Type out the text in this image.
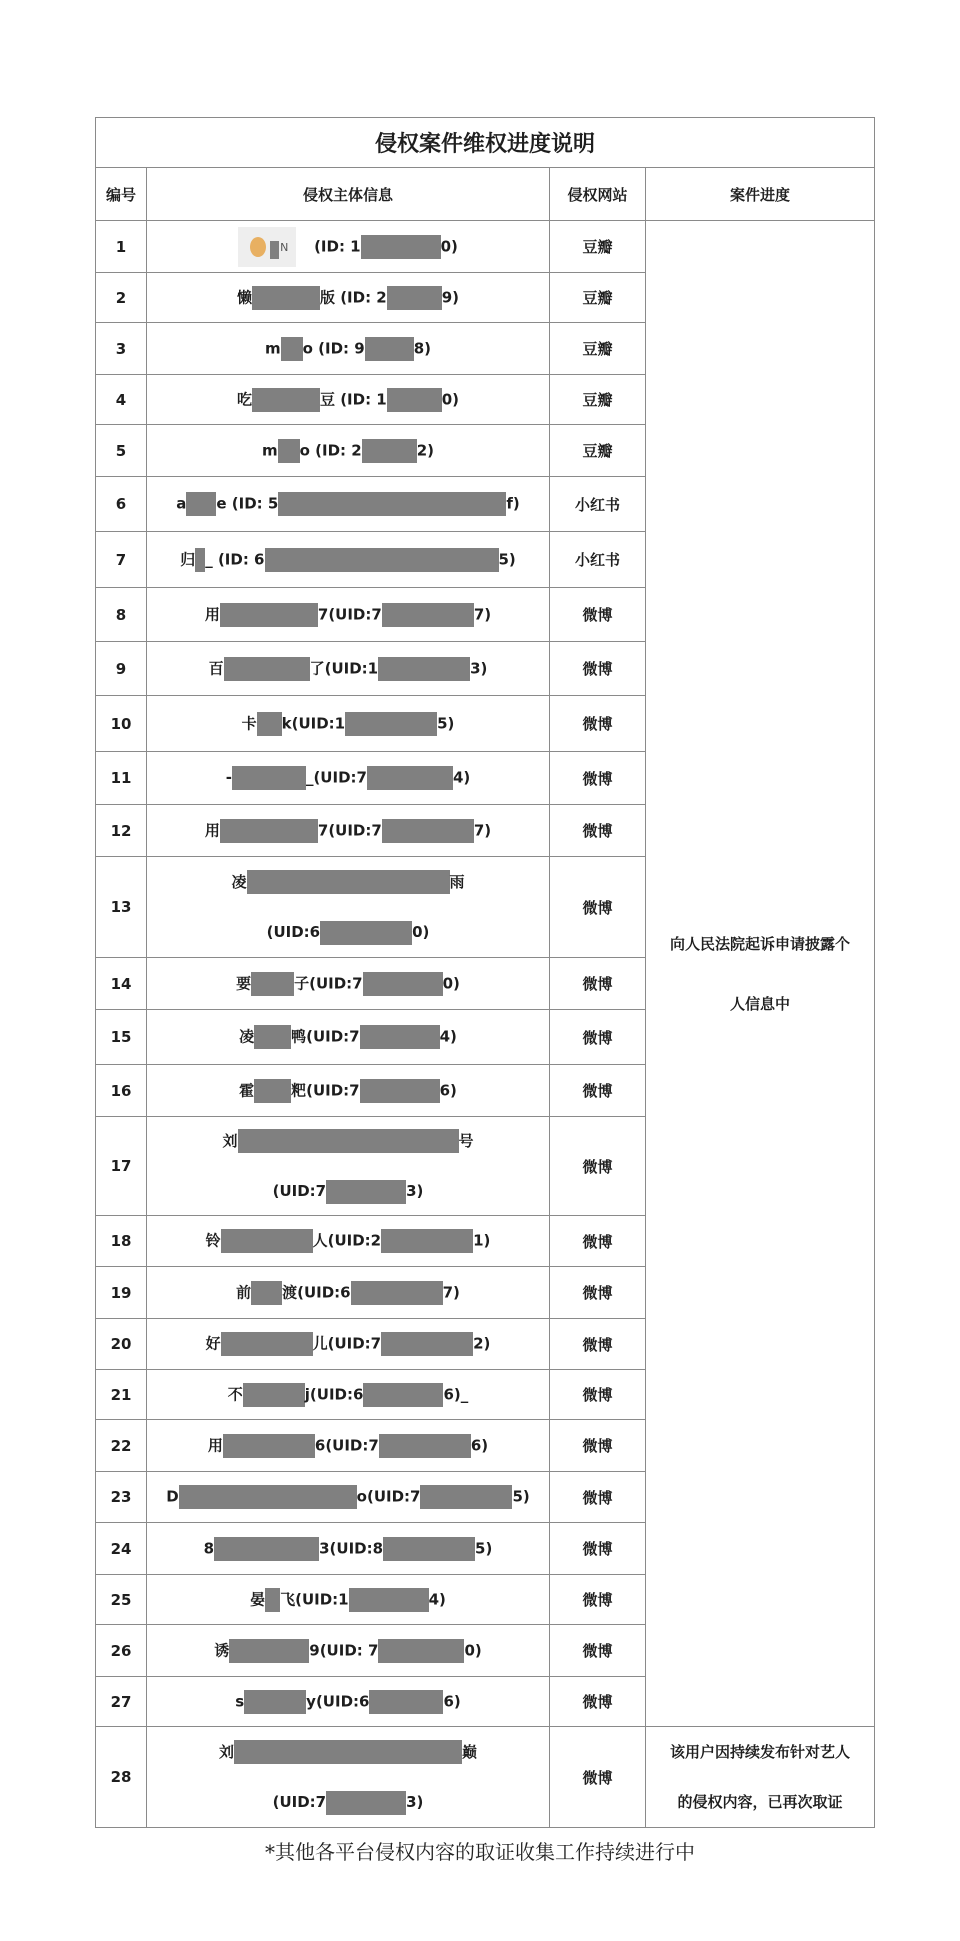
侵权案件维权进度说明			
编号	侵权主体信息	侵权网站	案件进度
1	N (ID: 1 0)	豆瓣	向人民法院起诉申请披露个
人信息中

2	懒 版 (ID: 2 9)	豆瓣	
3	m o (ID: 9 8)	豆瓣	
4	吃 豆 (ID: 1 0)	豆瓣	
5	m o (ID: 2 2)	豆瓣	
6	a e (ID: 5 f)	小红书	
7	归 _ (ID: 6 5)	小红书	
8	用 7(UID:7 7)	微博	
9	百 了(UID:1 3)	微博	
10	卡 k(UID:1 5)	微博	
11	- _(UID:7 4)	微博	
12	用 7(UID:7 7)	微博	
13	凌 雨
(UID:6 0)	微博	
14	要 子(UID:7 0)	微博	
15	凌 鸭(UID:7 4)	微博	
16	霍 粑(UID:7 6)	微博	
17	刘 号
(UID:7 3)	微博	
18	铃 人(UID:2 1)	微博	
19	前 渡(UID:6 7)	微博	
20	好 儿(UID:7 2)	微博	
21	不 j(UID:6 6)_	微博	
22	用 6(UID:7 6)	微博	
23	D o(UID:7 5)	微博	
24	8 3(UID:8 5)	微博	
25	晏 飞(UID:1 4)	微博	
26	诱 9(UID: 7 0)	微博	
27	s y(UID:6 6)	微博	
28	刘 巅
(UID:7 3)	微博	该用户因持续发布针对艺人
的侵权内容，已再次取证
*其他各平台侵权内容的取证收集工作持续进行中
